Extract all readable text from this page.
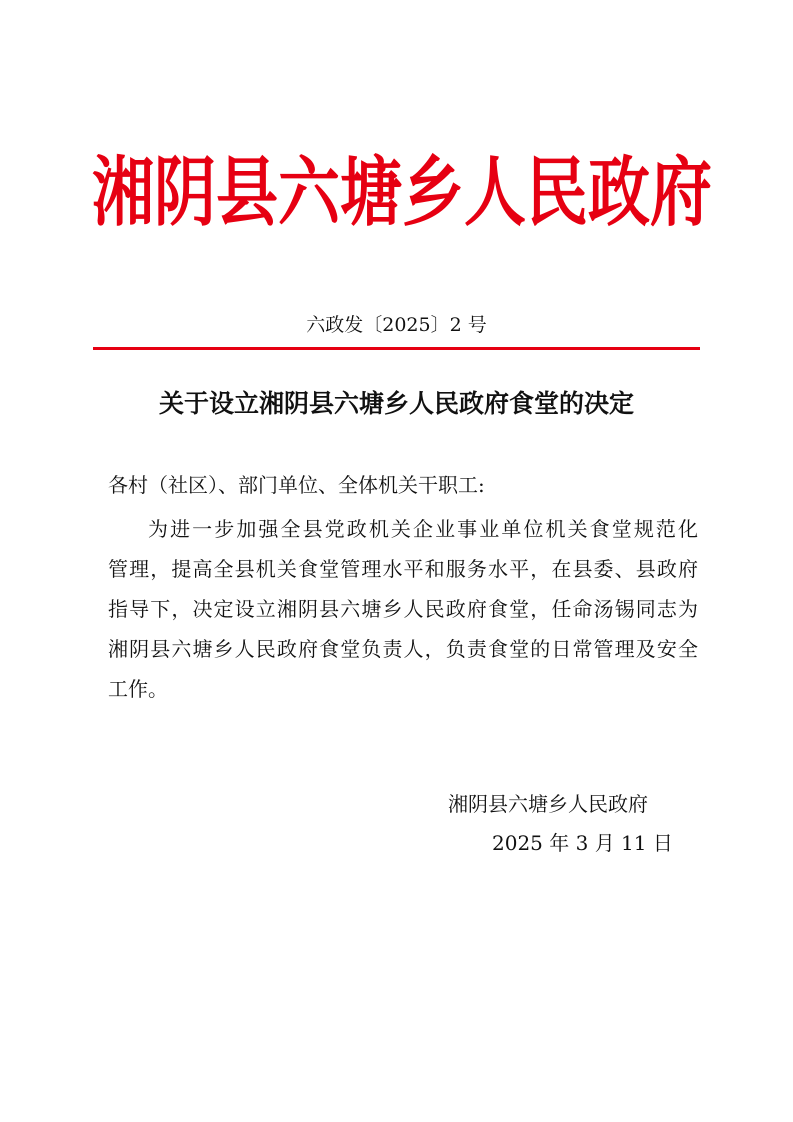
湘阴县六塘乡人民政府
六政发〔2025〕2 号
关于设立湘阴县六塘乡人民政府食堂的决定
各村（社区）、部门单位、全体机关干职工:
为进一步加强全县党政机关企业事业单位机关食堂规范化
管理，提高全县机关食堂管理水平和服务水平，在县委、县政府
指导下，决定设立湘阴县六塘乡人民政府食堂，任命汤锡同志为
湘阴县六塘乡人民政府食堂负责人，负责食堂的日常管理及安全
工作。
湘阴县六塘乡人民政府
2025 年 3 月 11 日
